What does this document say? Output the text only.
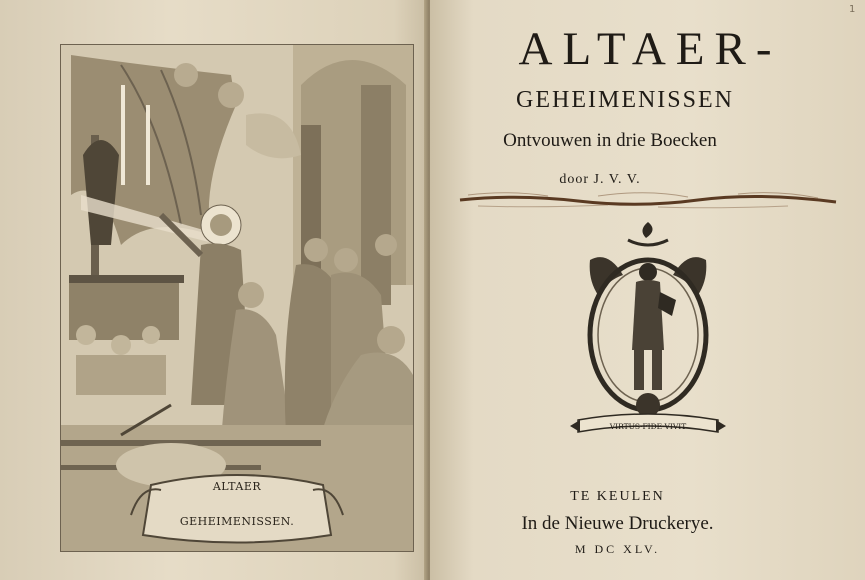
ALTAER
GEHEIMENISSEN.
1
ALTAER-
GEHEIMENISSEN
Ontvouwen in drie Boecken
door J. V. V.
VIRTUS·FIDE·VIVIT
TE KEULEN
In de Nieuwe Druckerye.
M DC XLV.
